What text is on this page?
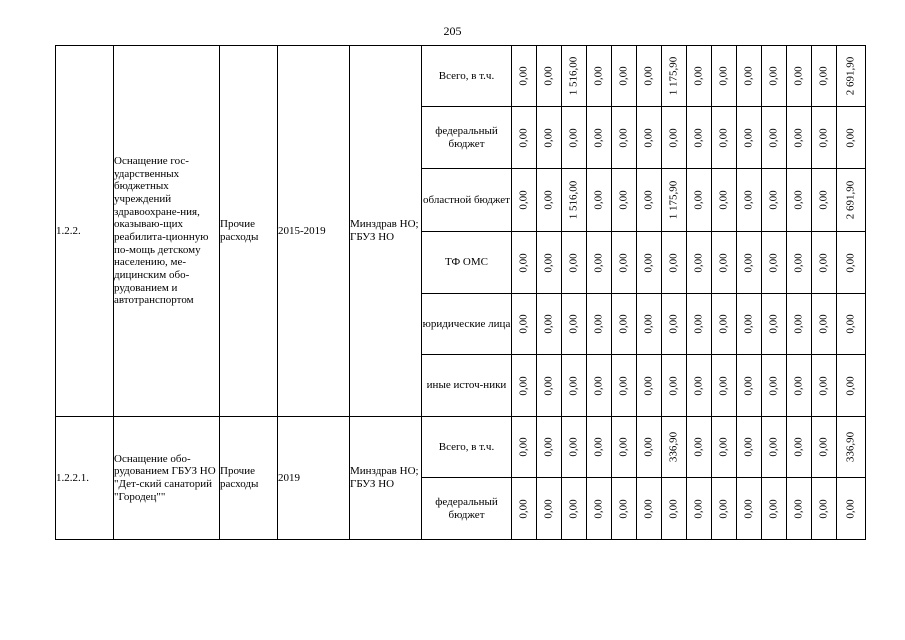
205
1.2.2.	Оснащение гос-ударственных бюджетных учреждений здравоохране-ния, оказываю-щих реабилита-ционную по-мощь детскому населению, ме-дицинским обо-рудованием и автотранспортом	Прочие расходы	2015-2019	Минздрав НО; ГБУЗ НО	Всего, в т.ч.	0,00	0,00	1 516,00	0,00	0,00	0,00	1 175,90	0,00	0,00	0,00	0,00	0,00	0,00	2 691,90

					федеральный бюджет	0,00	0,00	0,00	0,00	0,00	0,00	0,00	0,00	0,00	0,00	0,00	0,00	0,00	0,00

					областной бюджет	0,00	0,00	1 516,00	0,00	0,00	0,00	1 175,90	0,00	0,00	0,00	0,00	0,00	0,00	2 691,90

					ТФ ОМС	0,00	0,00	0,00	0,00	0,00	0,00	0,00	0,00	0,00	0,00	0,00	0,00	0,00	0,00

					юридические лица	0,00	0,00	0,00	0,00	0,00	0,00	0,00	0,00	0,00	0,00	0,00	0,00	0,00	0,00

					иные источ-ники	0,00	0,00	0,00	0,00	0,00	0,00	0,00	0,00	0,00	0,00	0,00	0,00	0,00	0,00

1.2.2.1.	Оснащение обо-рудованием ГБУЗ НО "Дет-ский санаторий "Городец""	Прочие расходы	2019	Минздрав НО; ГБУЗ НО	Всего, в т.ч.	0,00	0,00	0,00	0,00	0,00	0,00	336,90	0,00	0,00	0,00	0,00	0,00	0,00	336,90

					федеральный бюджет	0,00	0,00	0,00	0,00	0,00	0,00	0,00	0,00	0,00	0,00	0,00	0,00	0,00	0,00
